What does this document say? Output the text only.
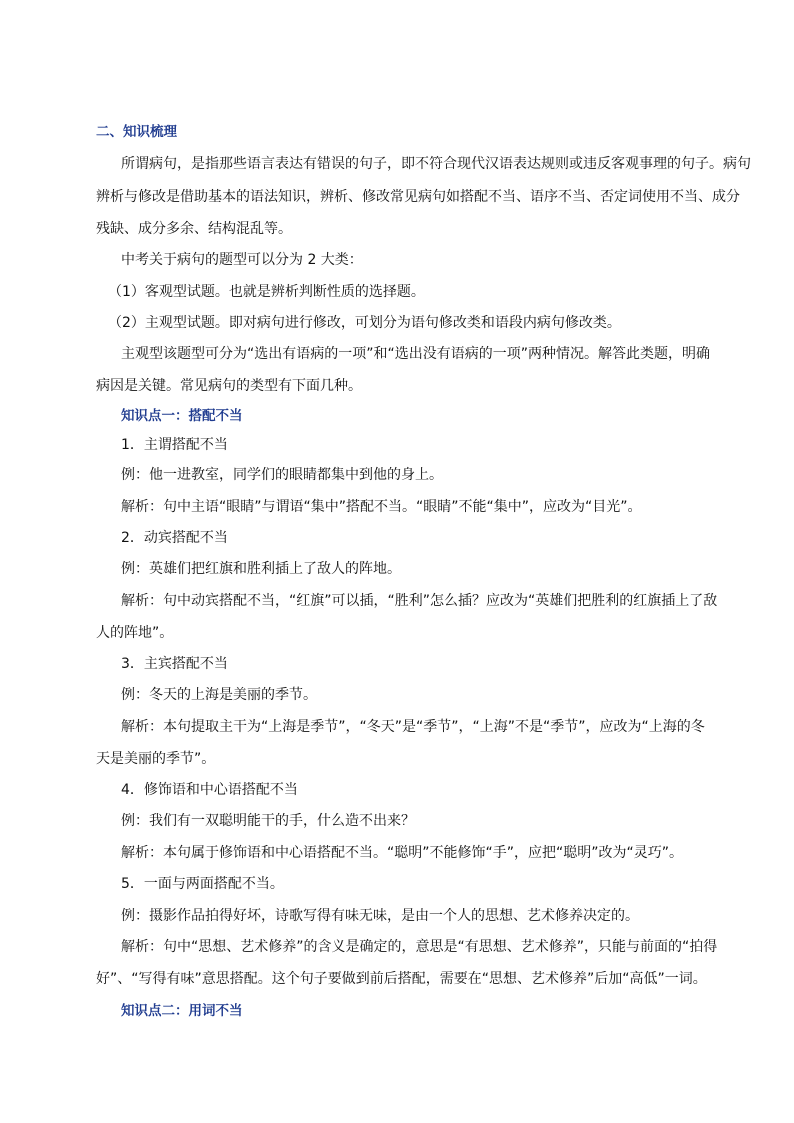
二、知识梳理
所谓病句，是指那些语言表达有错误的句子，即不符合现代汉语表达规则或违反客观事理的句子。病句
辨析与修改是借助基本的语法知识，辨析、修改常见病句如搭配不当、语序不当、否定词使用不当、成分
残缺、成分多余、结构混乱等。
中考关于病句的题型可以分为 2 大类：
（1）客观型试题。也就是辨析判断性质的选择题。
（2）主观型试题。即对病句进行修改，可划分为语句修改类和语段内病句修改类。
主观型该题型可分为“选出有语病的一项”和“选出没有语病的一项”两种情况。解答此类题，明确
病因是关键。常见病句的类型有下面几种。
知识点一：搭配不当
1．主谓搭配不当
例：他一进教室，同学们的眼睛都集中到他的身上。
解析：句中主语“眼睛”与谓语“集中”搭配不当。“眼睛”不能“集中”，应改为“目光”。
2．动宾搭配不当
例：英雄们把红旗和胜利插上了敌人的阵地。
解析：句中动宾搭配不当，“红旗”可以插，“胜利”怎么插？应改为“英雄们把胜利的红旗插上了敌
人的阵地”。
3．主宾搭配不当
例：冬天的上海是美丽的季节。
解析：本句提取主干为“上海是季节”，“冬天”是“季节”，“上海”不是“季节”，应改为“上海的冬
天是美丽的季节”。
4．修饰语和中心语搭配不当
例：我们有一双聪明能干的手，什么造不出来？
解析：本句属于修饰语和中心语搭配不当。“聪明”不能修饰“手”，应把“聪明”改为“灵巧”。
5．一面与两面搭配不当。
例：摄影作品拍得好坏，诗歌写得有味无味，是由一个人的思想、艺术修养决定的。
解析：句中“思想、艺术修养”的含义是确定的，意思是“有思想、艺术修养”，只能与前面的“拍得
好”、“写得有味”意思搭配。这个句子要做到前后搭配，需要在“思想、艺术修养”后加“高低”一词。
知识点二：用词不当
